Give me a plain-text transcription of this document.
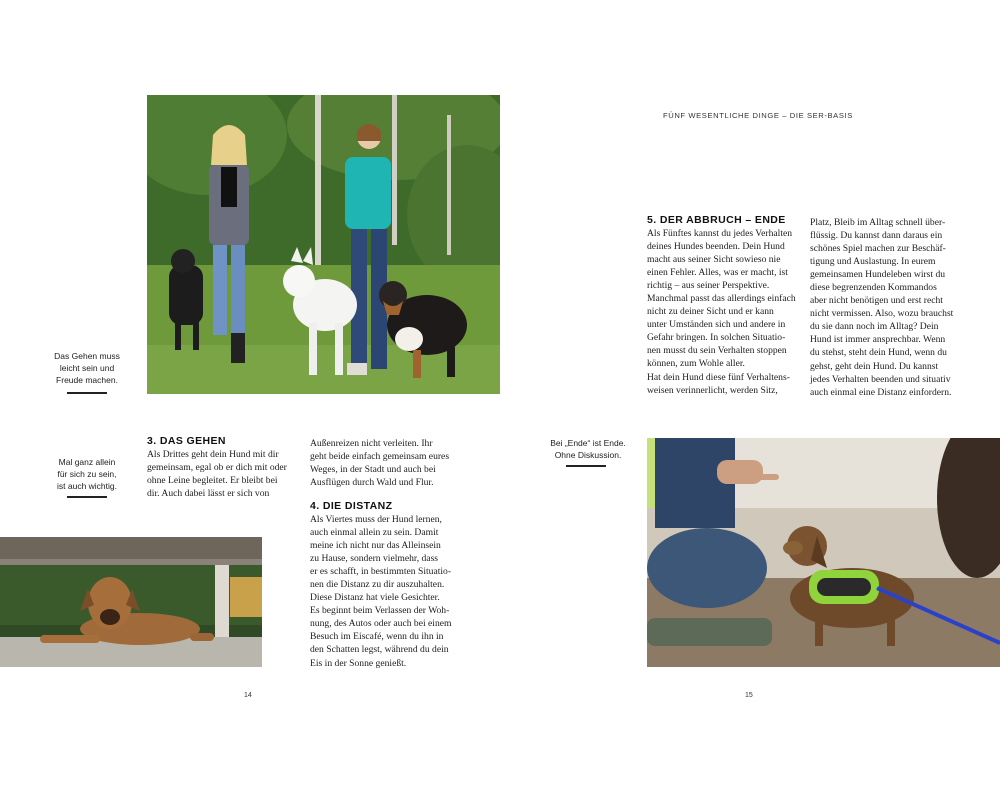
Das Gehen muss
leicht sein und
Freude machen.
Mal ganz allein
für sich zu sein,
ist auch wichtig.
3. DAS GEHEN
Als Drittes geht dein Hund mit dir
gemeinsam, egal ob er dich mit oder
ohne Leine begleitet. Er bleibt bei
dir. Auch dabei lässt er sich von
Außenreizen nicht verleiten. Ihr
geht beide einfach gemeinsam eures
Weges, in der Stadt und auch bei
Ausflügen durch Wald und Flur.
4. DIE DISTANZ
Als Viertes muss der Hund lernen,
auch einmal allein zu sein. Damit
meine ich nicht nur das Alleinsein
zu Hause, sondern vielmehr, dass
er es schafft, in bestimmten Situatio-
nen die Distanz zu dir auszuhalten.
Diese Distanz hat viele Gesichter.
Es beginnt beim Verlassen der Woh-
nung, des Autos oder auch bei einem
Besuch im Eiscafé, wenn du ihn in
den Schatten legst, während du dein
Eis in der Sonne genießt.
14
FÜNF WESENTLICHE DINGE – DIE SER-BASIS
5. DER ABBRUCH – ENDE
Als Fünftes kannst du jedes Verhalten
deines Hundes beenden. Dein Hund
macht aus seiner Sicht sowieso nie
einen Fehler. Alles, was er macht, ist
richtig – aus seiner Perspektive.
Manchmal passt das allerdings einfach
nicht zu deiner Sicht und er kann
unter Umständen sich und andere in
Gefahr bringen. In solchen Situatio-
nen musst du sein Verhalten stoppen
können, zum Wohle aller.
Hat dein Hund diese fünf Verhaltens-
weisen verinnerlicht, werden Sitz,
Platz, Bleib im Alltag schnell über-
flüssig. Du kannst dann daraus ein
schönes Spiel machen zur Beschäf-
tigung und Auslastung. In eurem
gemeinsamen Hundeleben wirst du
diese begrenzenden Kommandos
aber nicht benötigen und erst recht
nicht vermissen. Also, wozu brauchst
du sie dann noch im Alltag? Dein
Hund ist immer ansprechbar. Wenn
du stehst, steht dein Hund, wenn du
gehst, geht dein Hund. Du kannst
jedes Verhalten beenden und situativ
auch einmal eine Distanz einfordern.
Bei „Ende“ ist Ende.
Ohne Diskussion.
15
